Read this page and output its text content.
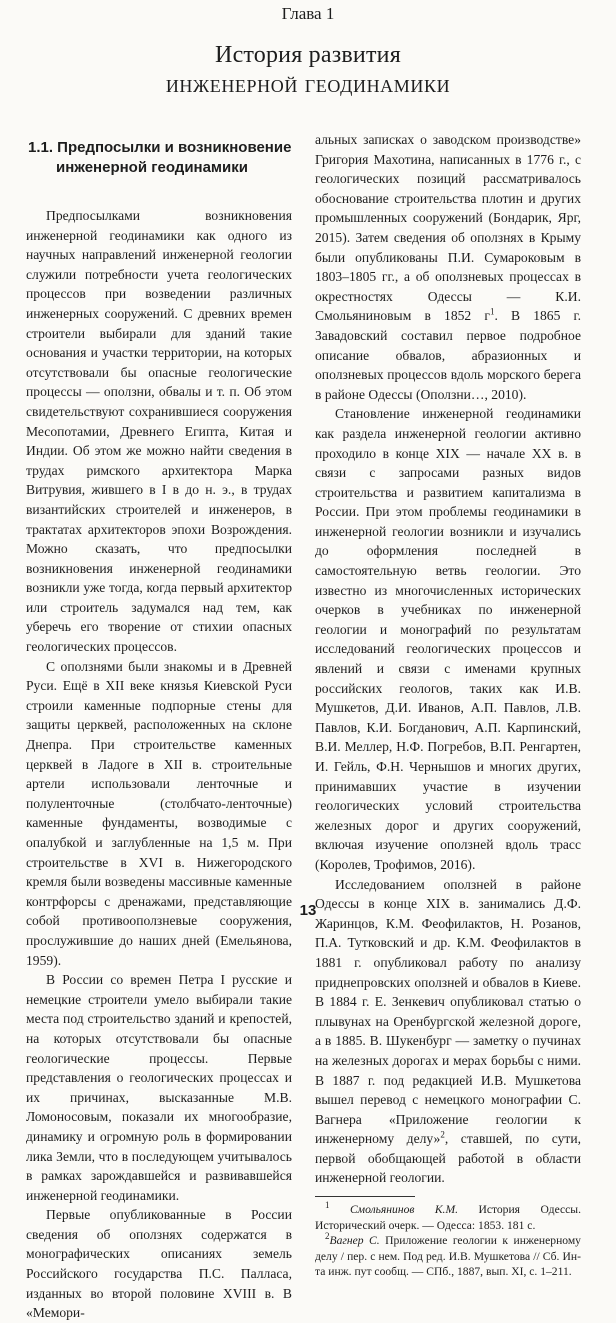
Глава 1
История развития
инженерной геодинамики
1.1. Предпосылки и возникновение
инженерной геодинамики

Предпосылками возникновения инженерной геодинамики как одного из научных направлений инженерной геологии служили потребности учета геологических процессов при возведении различных инженерных сооружений. С древних времен строители выбирали для зданий такие основания и участки территории, на которых отсутствовали бы опасные геологические процессы — оползни, обвалы и т. п. Об этом свидетельствуют сохранившиеся сооружения Месопотамии, Древнего Египта, Китая и Индии. Об этом же можно найти сведения в трудах римского архитектора Марка Витрувия, жившего в I в до н. э., в трудах византийских строителей и инженеров, в трактатах архитекторов эпохи Возрождения. Можно сказать, что предпосылки возникновения инженерной геодинамики возникли уже тогда, когда первый архитектор или строитель задумался над тем, как уберечь его творение от стихии опасных геологических процессов.

С оползнями были знакомы и в Древней Руси. Ещё в XII веке князья Киевской Руси строили каменные подпорные стены для защиты церквей, расположенных на склоне Днепра. При строительстве каменных церквей в Ладоге в XII в. строительные артели использовали ленточные и полуленточные (столбчато-ленточные) каменные фундаменты, возводимые с опалубкой и заглубленные на 1,5 м. При строительстве в XVI в. Нижегородского кремля были возведены массивные каменные контрфорсы с дренажами, представляющие собой противооползневые сооружения, прослужившие до наших дней (Емельянова, 1959).

В России со времен Петра I русские и немецкие строители умело выбирали такие места под строительство зданий и крепостей, на которых отсутствовали бы опасные геологические процессы. Первые представления о геологических процессах и их причинах, высказанные М.В. Ломоносовым, показали их многообразие, динамику и огромную роль в формировании лика Земли, что в последующем учитывалось в рамках зарождавшейся и развивавшейся инженерной геодинамики.

Первые опубликованные в России сведения об оползнях содержатся в монографических описаниях земель Российского государства П.С. Палласа, изданных во второй половине XVIII в. В «Мемори-

альных записках о заводском производстве» Григория Махотина, написанных в 1776 г., с геологических позиций рассматривалось обоснование строительства плотин и других промышленных сооружений (Бондарик, Ярг, 2015). Затем сведения об оползнях в Крыму были опубликованы П.И. Сумароковым в 1803–1805 гг., а об оползневых процессах в окрестностях Одессы — К.И. Смольяниновым в 1852 $г^1$. В 1865 г. Завадовский составил первое подробное описание обвалов, абразионных и оползневых процессов вдоль морского берега в районе Одессы (Оползни…, 2010).

Становление инженерной геодинамики как раздела инженерной геологии активно проходило в конце XIX — начале XX в. в связи с запросами разных видов строительства и развитием капитализма в России. При этом проблемы геодинамики в инженерной геологии возникли и изучались до оформления последней в самостоятельную ветвь геологии. Это известно из многочисленных исторических очерков в учебниках по инженерной геологии и монографий по результатам исследований геологических процессов и явлений и связи с именами крупных российских геологов, таких как И.В. Мушкетов, Д.И. Иванов, А.П. Павлов, Л.В. Павлов, К.И. Богданович, А.П. Карпинский, В.И. Меллер, Н.Ф. Погребов, В.П. Ренгартен, И. Гейль, Ф.Н. Чернышов и многих других, принимавших участие в изучении геологических условий строительства железных дорог и других сооружений, включая изучение оползней вдоль трасс (Королев, Трофимов, 2016).

Исследованием оползней в районе Одессы в конце XIX в. занимались Д.Ф. Жаринцов, К.М. Феофилактов, Н. Розанов, П.А. Тутковский и др. К.М. Феофилактов в 1881 г. опубликовал работу по анализу приднепровских оползней и обвалов в Киеве. В 1884 г. Е. Зенкевич опубликовал статью о плывунах на Оренбургской железной дороге, а в 1885. В. Шукенбург — заметку о пучинах на железных дорогах и мерах борьбы с ними. В 1887 г. под редакцией И.В. Мушкетова вышел перевод с немецкого монографии С. Вагнера «Приложение геологии к инженерному делу»$^2$, ставшей, по сути, первой обобщающей работой в области инженерной геологии.

$^1$ Смольянинов К.М. История Одессы. Исторический очерк. — Одесса: 1853. 181 с.

$^2$Вагнер С. Приложение геологии к инженерному делу / пер. с нем. Под ред. И.В. Мушкетова // Сб. Ин-та инж. пут сообщ. — СПб., 1887, вып. XI, с. 1–211.

13
